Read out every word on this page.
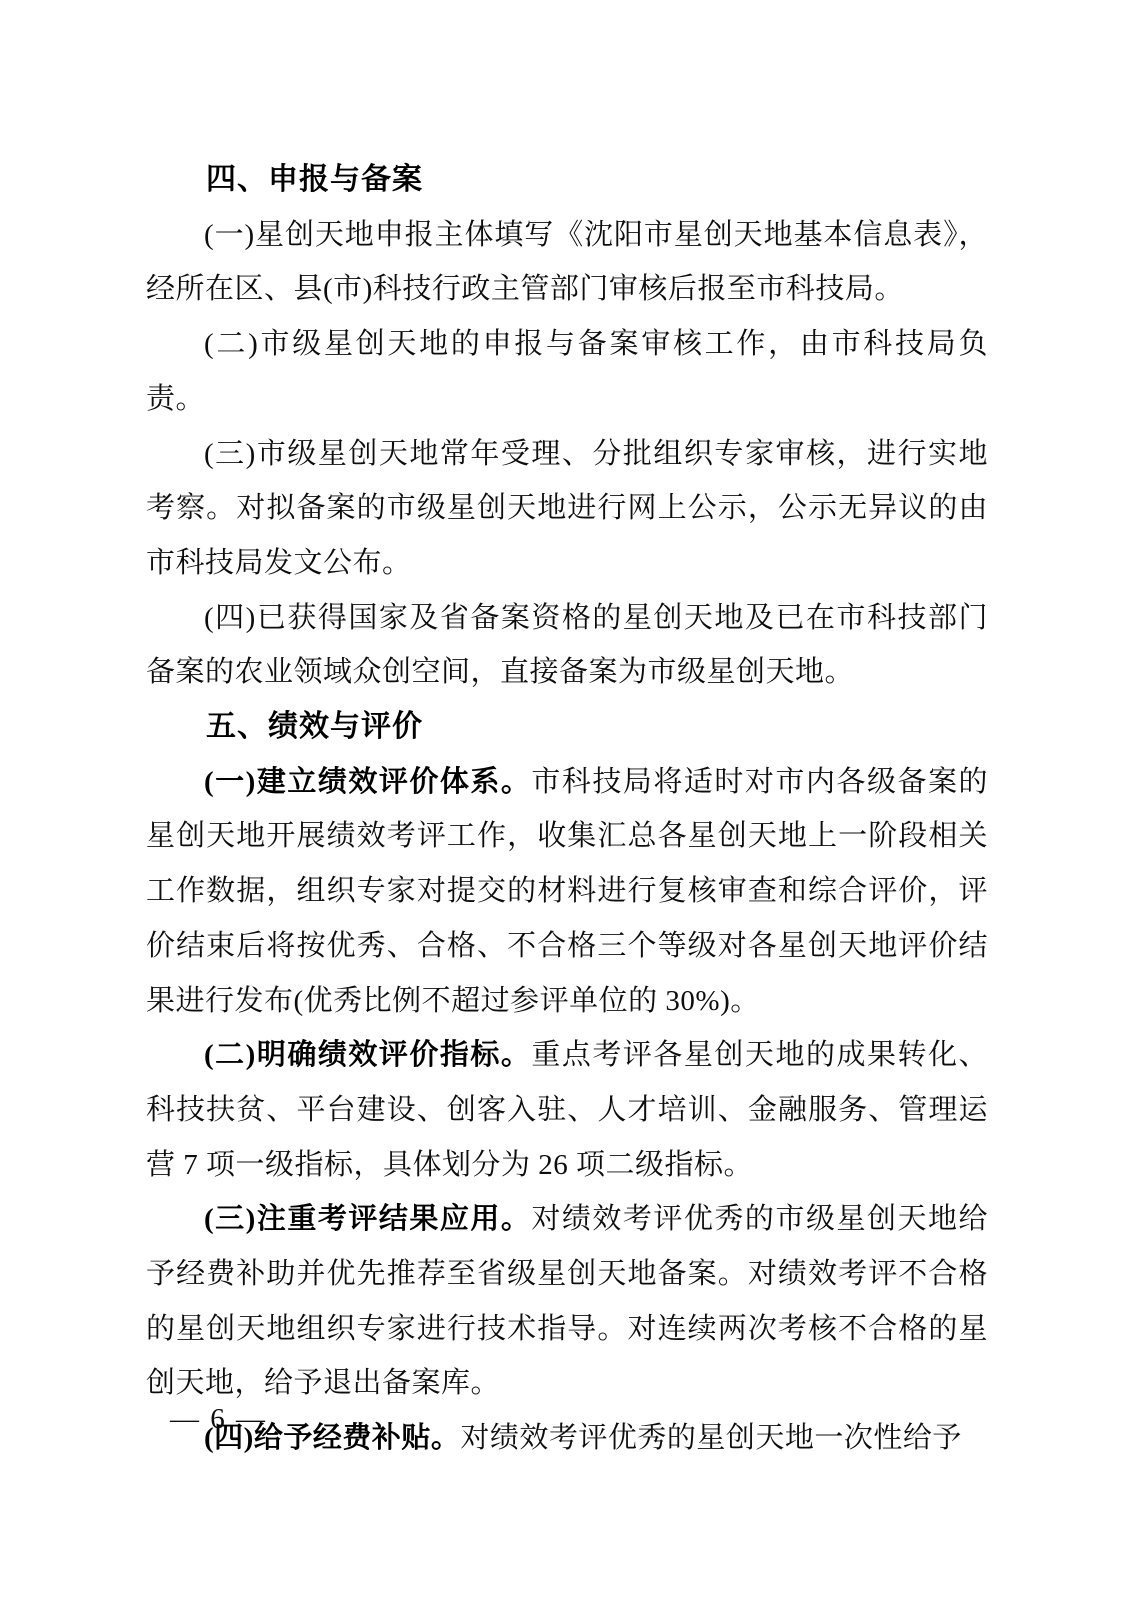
四、申报与备案

(一)星创天地申报主体填写《沈阳市星创天地基本信息表》，经所在区、县(市)科技行政主管部门审核后报至市科技局。

(二)市级星创天地的申报与备案审核工作，由市科技局负责。

(三)市级星创天地常年受理、分批组织专家审核，进行实地考察。对拟备案的市级星创天地进行网上公示，公示无异议的由市科技局发文公布。

(四)已获得国家及省备案资格的星创天地及已在市科技部门备案的农业领域众创空间，直接备案为市级星创天地。

五、绩效与评价

(一)建立绩效评价体系。市科技局将适时对市内各级备案的星创天地开展绩效考评工作，收集汇总各星创天地上一阶段相关工作数据，组织专家对提交的材料进行复核审查和综合评价，评价结束后将按优秀、合格、不合格三个等级对各星创天地评价结果进行发布(优秀比例不超过参评单位的 30%)。

(二)明确绩效评价指标。重点考评各星创天地的成果转化、科技扶贫、平台建设、创客入驻、人才培训、金融服务、管理运营 7 项一级指标，具体划分为 26 项二级指标。

(三)注重考评结果应用。对绩效考评优秀的市级星创天地给予经费补助并优先推荐至省级星创天地备案。对绩效考评不合格的星创天地组织专家进行技术指导。对连续两次考核不合格的星创天地，给予退出备案库。

(四)给予经费补贴。对绩效考评优秀的星创天地一次性给予

— 6 —
